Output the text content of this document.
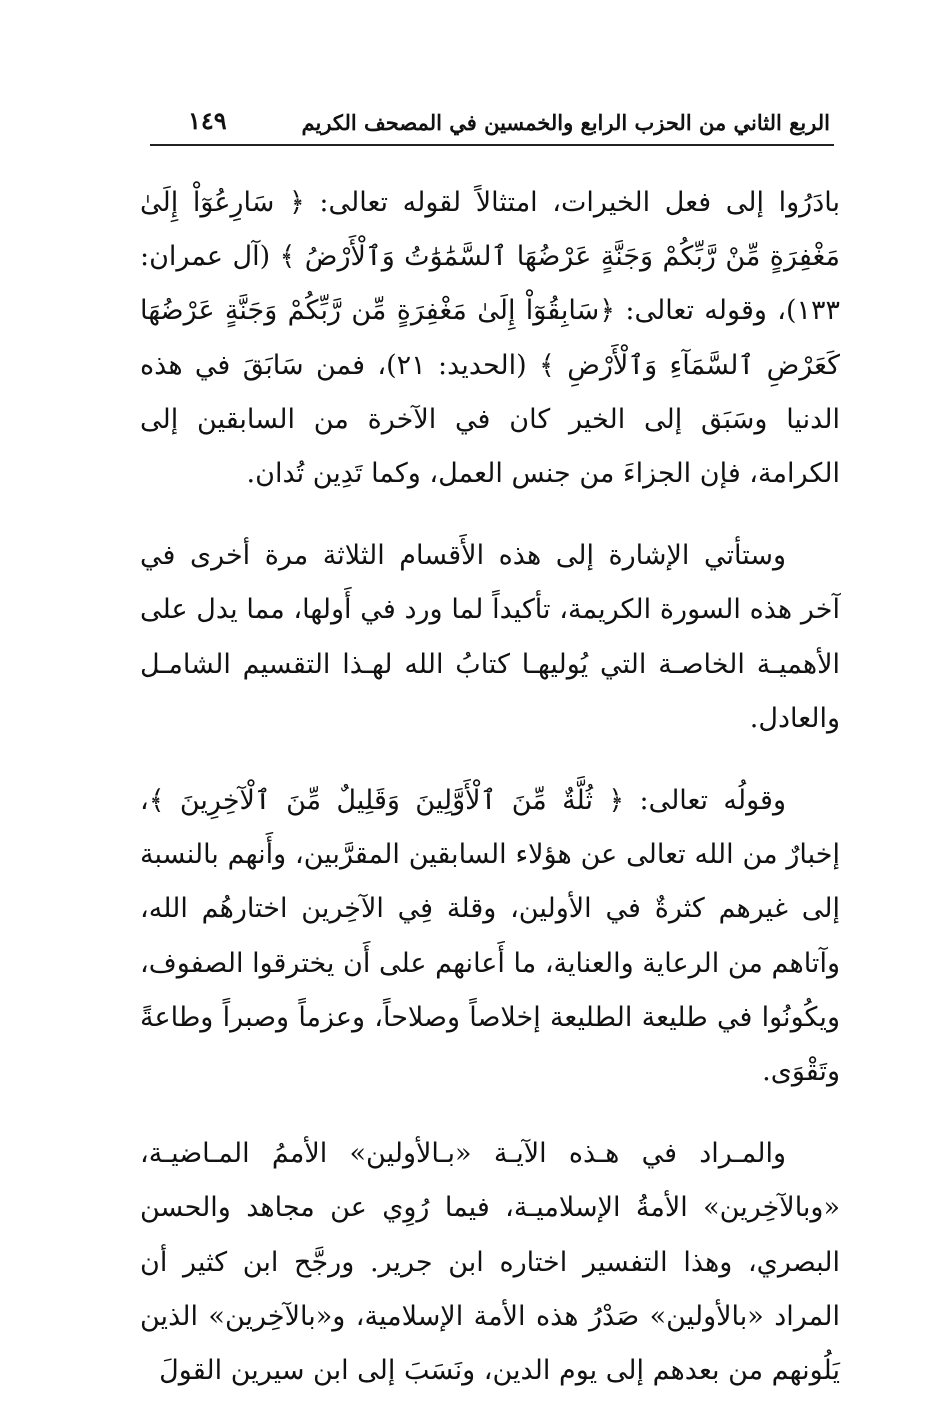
الربع الثاني من الحزب الرابع والخمسين في المصحف الكريم
١٤٩

بادَرُوا إلى فعل الخيرات، امتثالاً لقوله تعالى: ﴿ سَارِعُوٓاْ إِلَىٰ مَغْفِرَةٍ مِّنْ رَّبِّكُمْ وَجَنَّةٍ عَرْضُهَا ٱلسَّمَٰوَٰتُ وَٱلْأَرْضُ ﴾ (آل عمران: ١٣٣)، وقوله تعالى: ﴿سَابِقُوٓاْ إِلَىٰ مَغْفِرَةٍ مِّن رَّبِّكُمْ وَجَنَّةٍ عَرْضُهَا كَعَرْضِ ٱلسَّمَآءِ وَٱلْأَرْضِ ﴾ (الحديد: ٢١)، فمن سَابَقَ في هذه الدنيا وسَبَق إلى الخير كان في الآخرة من السابقين إلى الكرامة، فإن الجزاءَ من جنس العمل، وكما تَدِين تُدان.

وستأتي الإشارة إلى هذه الأَقسام الثلاثة مرة أخرى في آخر هذه السورة الكريمة، تأكيداً لما ورد في أَولها، مما يدل على الأهميـة الخاصـة التي يُوليهـا كتابُ الله لهـذا التقسيم الشامـل والعادل.

وقولُه تعالى: ﴿ ثُلَّةٌ مِّنَ ٱلْأَوَّلِينَ وَقَلِيلٌ مِّنَ ٱلْآخِرِينَ ﴾، إخبارٌ من الله تعالى عن هؤلاء السابقين المقرَّبين، وأَنهم بالنسبة إلى غيرهم كثرةٌ في الأولين، وقلة فِي الآخِرين اختارهُم الله، وآتاهم من الرعاية والعناية، ما أَعانهم على أَن يخترقوا الصفوف، ويكُونُوا في طليعة الطليعة إخلاصاً وصلاحاً، وعزماً وصبراً وطاعةً وتَقْوَى.

والمـراد في هـذه الآيـة «بـالأولين» الأممُ المـاضيـة، «وبالآخِرين» الأمةُ الإسلاميـة، فيما رُوِي عن مجاهد والحسن البصري، وهذا التفسير اختاره ابن جرير. ورجَّح ابن كثير أن المراد «بالأولين» صَدْرُ هذه الأمة الإسلامية، و«بالآخِرين» الذين يَلُونهم من بعدهم إلى يوم الدين، ونَسَبَ إلى ابن سيرين القولَ
